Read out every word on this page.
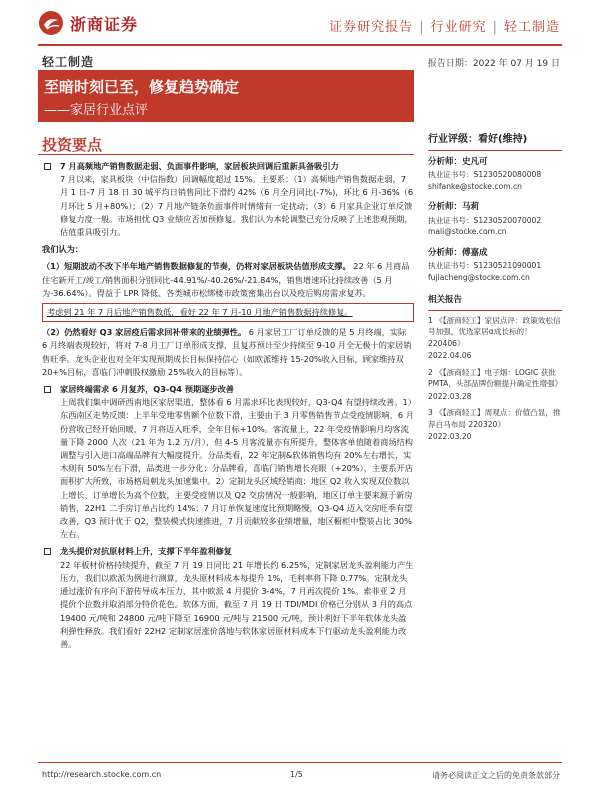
浙商证券	证券研究报告 | 行业研究 | 轻工制造
轻工制造	报告日期：2022 年 07 月 19 日
至暗时刻已至，修复趋势确定
——家居行业点评
投资要点
7 月高频地产销售数据走弱、负面事件影响，家居板块回调后重新具备吸引力
7 月以来，家具板块（中信指数）回调幅度超过 15%。主要系：（1）高频地产销售数据走弱，7 月 1 日-7 月 18 日 30 城平均日销售同比下滑约 42%（6 月全月同比(-7%)，环比 6 月-36%（6 月环比 5 月+80%）；（2）7 月地产链条负面事件时情绪有一定扰动；（3）6 月家具企业订单反馈修复力度一般。市场担忧 Q3 业绩应否加预修复。我们认为本轮调整已充分反映了上述悲观预期，估值重具吸引力。
我们认为：
（1）短期波动不改下半年地产销售数据修复的节奏，仍将对家居板块估值形成支撑。 22 年 6 月商品住宅新开工/竣工/销售面积分别同比-44.91%/-40.26%/-21.84%，销售增速环比持续改善（5 月为-36.64%）。得益于 LPR 降低、各类城市松绑楼市政策密集出台以及疫后购房需求复苏。
考虑到 21 年 7 月后地产销售数低，看好 22 年 7 月-10 月地产销售数据持续修复。
（2）仍然看好 Q3 家居疫后需求回补带来的业绩弹性。 6 月家居工厂订单反馈的是 5 月终端，实际 6 月终端表现较好，将对 7-8 月工厂订单形成支撑，且复苏预计至少持续至 9-10 月全无极十的家居销售旺季。龙头企业也对全年实现预期成长目标保持信心（如欧派维持 15-20%收入目标，顾家维持双 20+%目标，喜临门冲刺股权激励 25%收入的目标等）。
家居终端需求 6 月复苏，Q3-Q4 预期逐步改善
上周我们集中调研西南地区家居渠道，整体看 6 月需求环比表现较好，Q3-Q4 有望持续改善。1）东西南区走势反馈：上半年受地零售额个位数下滑，主要由于 3 月零售销售节点受疫情影响，6 月份营收已经开始回暖，7 月将迈入旺季，全年目标+10%。客流量上，22 年受疫情影响月均客流量下降 2000 人次（21 年为 1.2 万/月），但 4-5 月客流量亦有所提升，整体客单值随着商场结构调整与引入进口高端品牌有大幅度提升。分品类看，22 年定制&软体销售均有 20%左右增长，实木则有 50%左右下滑，品类进一步分化；分品牌看，喜临门销售增长亮眼（+20%），主要系开店面积扩大所致，市场格局朝龙头加速集中。2）定制龙头区域经销商：地区 Q2 收入实现双位数以上增长，订单增长为高个位数，主要受疫情以及 Q2 交房情况一般影响，地区订单主要来源于新房销售，22H1 二手房订单占比约 14%；7 月订单恢复速度比预期略慢，Q3-Q4 迈入交房旺季有望改善，Q3 预计优于 Q2，整装模式快速推进，7 月贡献较多业绩增量，地区橱柜中整装占比 30%左右。
龙头提价对抗原材料上升，支撑下半年盈利修复
22 年板材价格持续提升，截至 7 月 19 日同比 21 年增长约 6.25%，定制家居龙头盈利能力产生压力，我们以欧派为例进行测算，龙头原材料成本每提升 1%，毛利率将下降 0.77%。定制龙头通过涨价有序向下游传导成本压力，其中欧派 4 月提价 3-4%，7 月再次提价 1%。索菲亚 2 月提价个位数并取消部分特价花色。软体方面，截至 7 月 19 日 TDI/MDI 价格已分别从 3 月的高点 19400 元/吨和 24800 元/吨下降至 16900 元/吨与 21500 元/吨，预计利好下半年软体龙头盈利弹性释放。我们看好 22H2 定制家居涨价落地与软体家居原材料成本下行驱动龙头盈利能力改善。
行业评级：看好(维持)
分析师：史凡可
执业证书号：S1230520080008
shifanke@stocke.com.cn
分析师：马莉
执业证书号：S1230520070002
mali@stocke.com.cn
分析师：傅嘉成
执业证书号：S1230521090001
fujiacheng@stocke.com.cn
相关报告
1 《【浙商轻工】家居点评：政策效松信号加强，优选家居α成长标的！220406》
2022.04.06
2 《【浙商轻工】电子烟：LOGIC 获批 PMTA，头部品牌份额提升确定性增强》
2022.03.28
3 《【浙商轻工】周观点：价值凸显，推荐白马布局 220320》
2022.03.20
http://research.stocke.com.cn	1/5	请务必阅读正文之后的免责条款部分
